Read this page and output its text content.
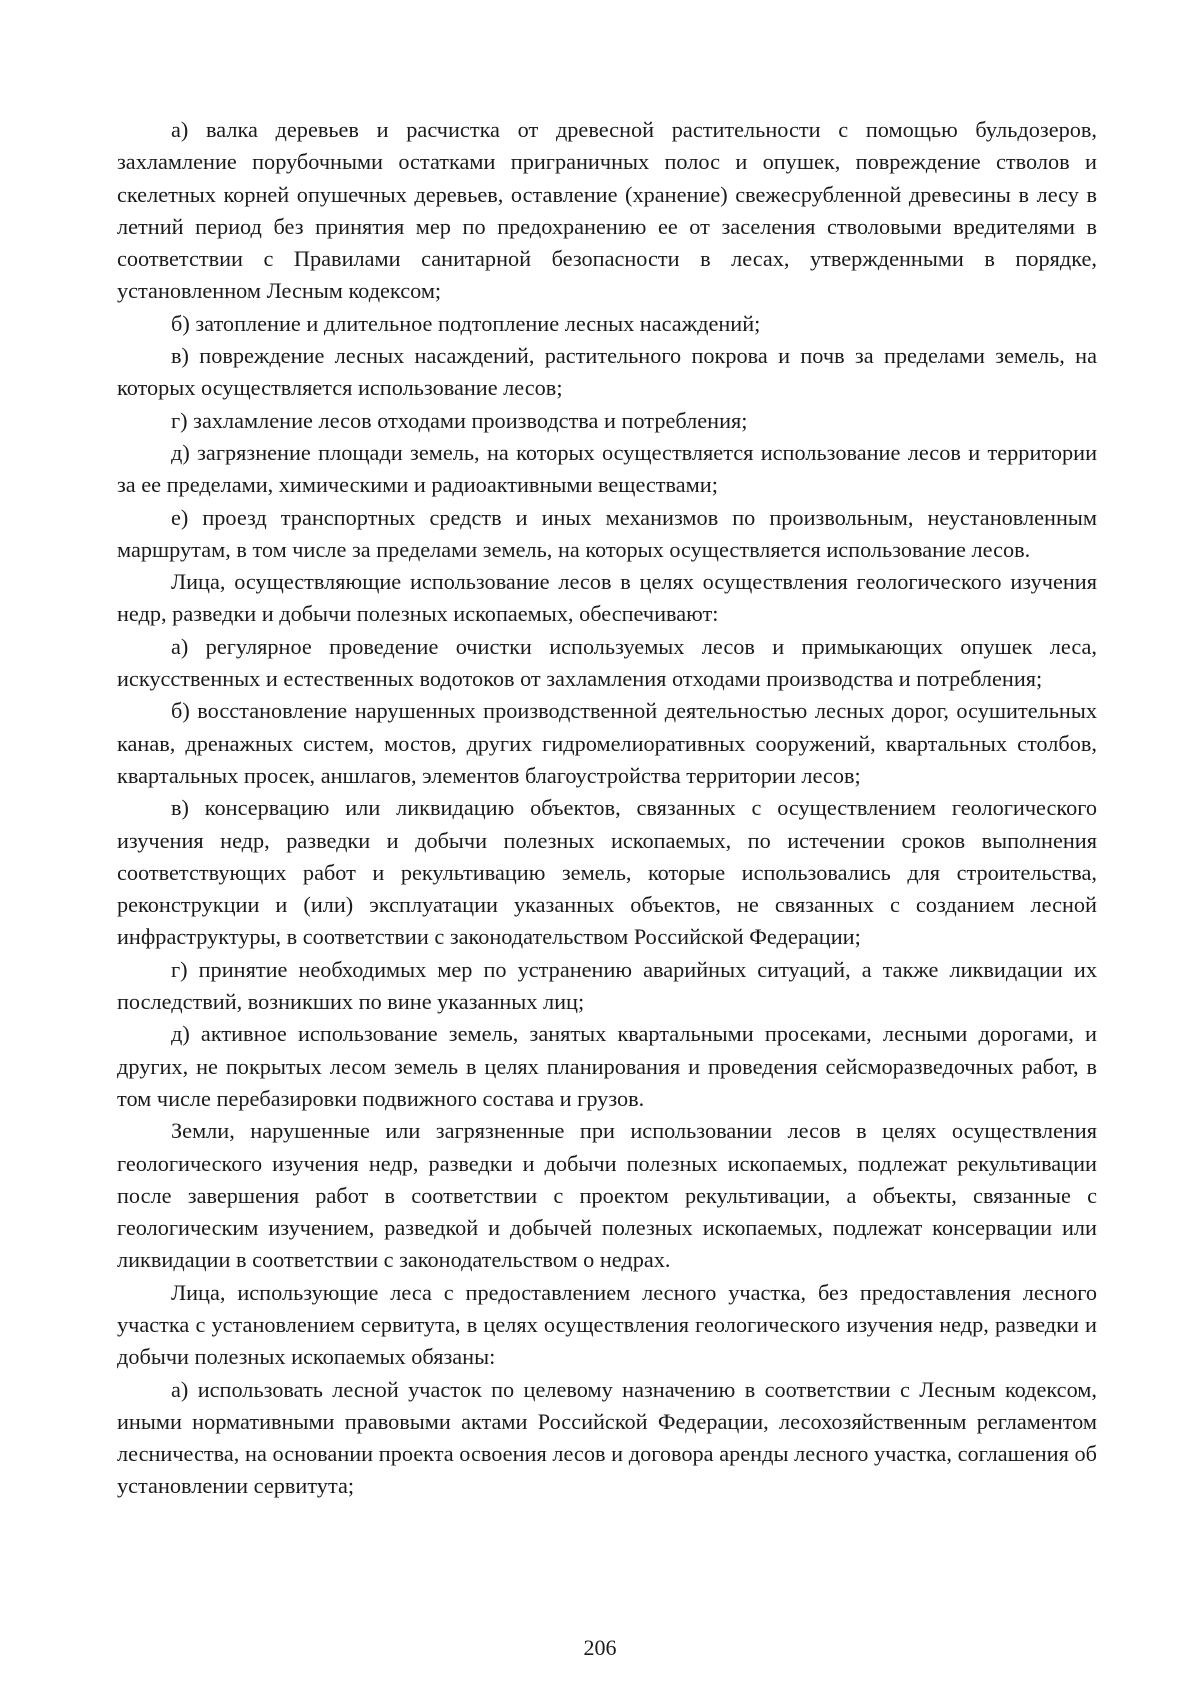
а) валка деревьев и расчистка от древесной растительности с помощью бульдозеров, захламление порубочными остатками приграничных полос и опушек, повреждение стволов и скелетных корней опушечных деревьев, оставление (хранение) свежесрубленной древесины в лесу в летний период без принятия мер по предохранению ее от заселения стволовыми вредителями в соответствии с Правилами санитарной безопасности в лесах, утвержденными в порядке, установленном Лесным кодексом;

б) затопление и длительное подтопление лесных насаждений;

в) повреждение лесных насаждений, растительного покрова и почв за пределами земель, на которых осуществляется использование лесов;

г) захламление лесов отходами производства и потребления;

д) загрязнение площади земель, на которых осуществляется использование лесов и территории за ее пределами, химическими и радиоактивными веществами;

е) проезд транспортных средств и иных механизмов по произвольным, неустановленным маршрутам, в том числе за пределами земель, на которых осуществляется использование лесов.

Лица, осуществляющие использование лесов в целях осуществления геологического изучения недр, разведки и добычи полезных ископаемых, обеспечивают:

а) регулярное проведение очистки используемых лесов и примыкающих опушек леса, искусственных и естественных водотоков от захламления отходами производства и потребления;

б) восстановление нарушенных производственной деятельностью лесных дорог, осушительных канав, дренажных систем, мостов, других гидромелиоративных сооружений, квартальных столбов, квартальных просек, аншлагов, элементов благоустройства территории лесов;

в) консервацию или ликвидацию объектов, связанных с осуществлением геологического изучения недр, разведки и добычи полезных ископаемых, по истечении сроков выполнения соответствующих работ и рекультивацию земель, которые использовались для строительства, реконструкции и (или) эксплуатации указанных объектов, не связанных с созданием лесной инфраструктуры, в соответствии с законодательством Российской Федерации;

г) принятие необходимых мер по устранению аварийных ситуаций, а также ликвидации их последствий, возникших по вине указанных лиц;

д) активное использование земель, занятых квартальными просеками, лесными дорогами, и других, не покрытых лесом земель в целях планирования и проведения сейсморазведочных работ, в том числе перебазировки подвижного состава и грузов.

Земли, нарушенные или загрязненные при использовании лесов в целях осуществления геологического изучения недр, разведки и добычи полезных ископаемых, подлежат рекультивации после завершения работ в соответствии с проектом рекультивации, а объекты, связанные с геологическим изучением, разведкой и добычей полезных ископаемых, подлежат консервации или ликвидации в соответствии с законодательством о недрах.

Лица, использующие леса с предоставлением лесного участка, без предоставления лесного участка с установлением сервитута, в целях осуществления геологического изучения недр, разведки и добычи полезных ископаемых обязаны:

а) использовать лесной участок по целевому назначению в соответствии с Лесным кодексом, иными нормативными правовыми актами Российской Федерации, лесохозяйственным регламентом лесничества, на основании проекта освоения лесов и договора аренды лесного участка, соглашения об установлении сервитута;

206
